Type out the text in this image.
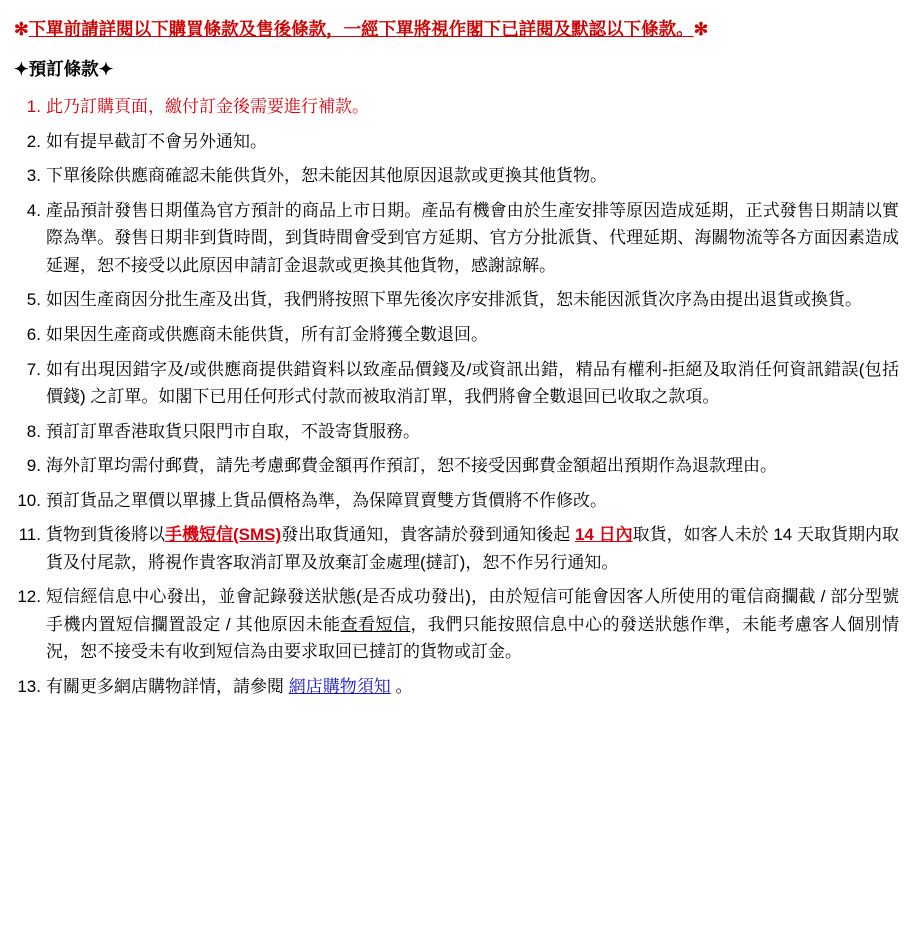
✻下單前請詳閱以下購買條款及售後條款，一經下單將視作閣下已詳閱及默認以下條款。✻
✦預訂條款✦
此乃訂購頁面，繳付訂金後需要進行補款。
如有提早截訂不會另外通知。
下單後除供應商確認未能供貨外，恕未能因其他原因退款或更換其他貨物。
產品預計發售日期僅為官方預計的商品上市日期。產品有機會由於生產安排等原因造成延期，正式發售日期請以實際為準。發售日期非到貨時間，到貨時間會受到官方延期、官方分批派貨、代理延期、海關物流等各方面因素造成延遲，恕不接受以此原因申請訂金退款或更換其他貨物，感謝諒解。
如因生產商因分批生產及出貨，我們將按照下單先後次序安排派貨，恕未能因派貨次序為由提出退貨或換貨。
如果因生產商或供應商未能供貨，所有訂金將獲全數退回。
如有出現因錯字及/或供應商提供錯資料以致產品價錢及/或資訊出錯，精品有權利-拒絕及取消任何資訊錯誤(包括價錢) 之訂單。如閣下已用任何形式付款而被取消訂單，我們將會全數退回已收取之款項。
預訂訂單香港取貨只限門市自取，不設寄貨服務。
海外訂單均需付郵費，請先考慮郵費金額再作預訂，恕不接受因郵費金額超出預期作為退款理由。
預訂貨品之單價以單據上貨品價格為準，為保障買賣雙方貨價將不作修改。
貨物到貨後將以手機短信(SMS)發出取貨通知，貴客請於發到通知後起 14 日內取貨，如客人未於 14 天取貨期内取貨及付尾款，將視作貴客取消訂單及放棄訂金處理(撻訂)，恕不作另行通知。
短信經信息中心發出，並會記錄發送狀態(是否成功發出)，由於短信可能會因客人所使用的電信商攔截 / 部分型號手機内置短信攔置設定 / 其他原因未能查看短信，我們只能按照信息中心的發送狀態作準，未能考慮客人個別情況，恕不接受未有收到短信為由要求取回已撻訂的貨物或訂金。
有關更多網店購物詳情，請參閱 網店購物須知 。
